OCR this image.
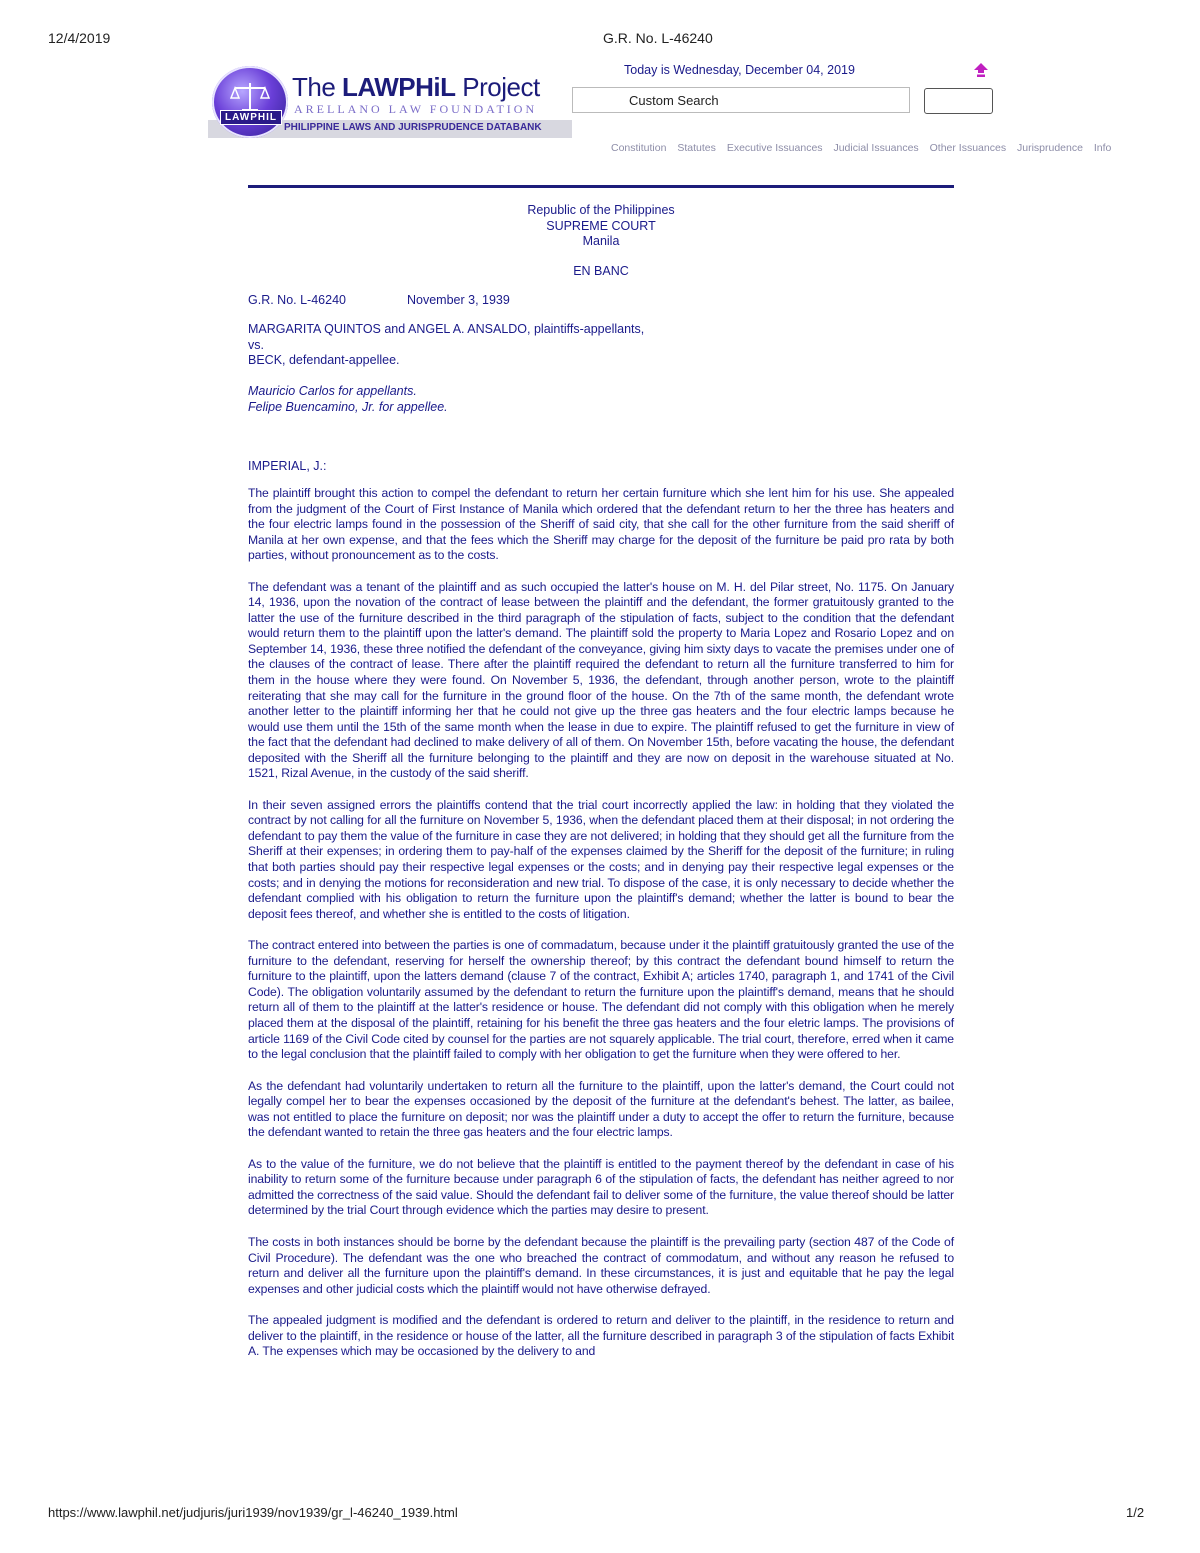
12/4/2019	G.R. No. L-46240
LAWPHIL
The LAWPHiL Project
ARELLANO LAW FOUNDATION
PHILIPPINE LAWS AND JURISPRUDENCE DATABANK
Today is Wednesday, December 04, 2019
Custom Search
Constitution Statutes Executive Issuances Judicial Issuances Other Issuances Jurisprudence Info
Republic of the Philippines
SUPREME COURT
Manila
EN BANC
G.R. No. L-46240	November 3, 1939
MARGARITA QUINTOS and ANGEL A. ANSALDO, plaintiffs-appellants,
vs.
BECK, defendant-appellee.
Mauricio Carlos for appellants.
Felipe Buencamino, Jr. for appellee.
IMPERIAL, J.:

The plaintiff brought this action to compel the defendant to return her certain furniture which she lent him for his use. She appealed from the judgment of the Court of First Instance of Manila which ordered that the defendant return to her the three has heaters and the four electric lamps found in the possession of the Sheriff of said city, that she call for the other furniture from the said sheriff of Manila at her own expense, and that the fees which the Sheriff may charge for the deposit of the furniture be paid pro rata by both parties, without pronouncement as to the costs.

The defendant was a tenant of the plaintiff and as such occupied the latter's house on M. H. del Pilar street, No. 1175. On January 14, 1936, upon the novation of the contract of lease between the plaintiff and the defendant, the former gratuitously granted to the latter the use of the furniture described in the third paragraph of the stipulation of facts, subject to the condition that the defendant would return them to the plaintiff upon the latter's demand. The plaintiff sold the property to Maria Lopez and Rosario Lopez and on September 14, 1936, these three notified the defendant of the conveyance, giving him sixty days to vacate the premises under one of the clauses of the contract of lease. There after the plaintiff required the defendant to return all the furniture transferred to him for them in the house where they were found. On November 5, 1936, the defendant, through another person, wrote to the plaintiff reiterating that she may call for the furniture in the ground floor of the house. On the 7th of the same month, the defendant wrote another letter to the plaintiff informing her that he could not give up the three gas heaters and the four electric lamps because he would use them until the 15th of the same month when the lease in due to expire. The plaintiff refused to get the furniture in view of the fact that the defendant had declined to make delivery of all of them. On November 15th, before vacating the house, the defendant deposited with the Sheriff all the furniture belonging to the plaintiff and they are now on deposit in the warehouse situated at No. 1521, Rizal Avenue, in the custody of the said sheriff.

In their seven assigned errors the plaintiffs contend that the trial court incorrectly applied the law: in holding that they violated the contract by not calling for all the furniture on November 5, 1936, when the defendant placed them at their disposal; in not ordering the defendant to pay them the value of the furniture in case they are not delivered; in holding that they should get all the furniture from the Sheriff at their expenses; in ordering them to pay-half of the expenses claimed by the Sheriff for the deposit of the furniture; in ruling that both parties should pay their respective legal expenses or the costs; and in denying pay their respective legal expenses or the costs; and in denying the motions for reconsideration and new trial. To dispose of the case, it is only necessary to decide whether the defendant complied with his obligation to return the furniture upon the plaintiff's demand; whether the latter is bound to bear the deposit fees thereof, and whether she is entitled to the costs of litigation.

The contract entered into between the parties is one of commadatum, because under it the plaintiff gratuitously granted the use of the furniture to the defendant, reserving for herself the ownership thereof; by this contract the defendant bound himself to return the furniture to the plaintiff, upon the latters demand (clause 7 of the contract, Exhibit A; articles 1740, paragraph 1, and 1741 of the Civil Code). The obligation voluntarily assumed by the defendant to return the furniture upon the plaintiff's demand, means that he should return all of them to the plaintiff at the latter's residence or house. The defendant did not comply with this obligation when he merely placed them at the disposal of the plaintiff, retaining for his benefit the three gas heaters and the four eletric lamps. The provisions of article 1169 of the Civil Code cited by counsel for the parties are not squarely applicable. The trial court, therefore, erred when it came to the legal conclusion that the plaintiff failed to comply with her obligation to get the furniture when they were offered to her.

As the defendant had voluntarily undertaken to return all the furniture to the plaintiff, upon the latter's demand, the Court could not legally compel her to bear the expenses occasioned by the deposit of the furniture at the defendant's behest. The latter, as bailee, was not entitled to place the furniture on deposit; nor was the plaintiff under a duty to accept the offer to return the furniture, because the defendant wanted to retain the three gas heaters and the four electric lamps.

As to the value of the furniture, we do not believe that the plaintiff is entitled to the payment thereof by the defendant in case of his inability to return some of the furniture because under paragraph 6 of the stipulation of facts, the defendant has neither agreed to nor admitted the correctness of the said value. Should the defendant fail to deliver some of the furniture, the value thereof should be latter determined by the trial Court through evidence which the parties may desire to present.

The costs in both instances should be borne by the defendant because the plaintiff is the prevailing party (section 487 of the Code of Civil Procedure). The defendant was the one who breached the contract of commodatum, and without any reason he refused to return and deliver all the furniture upon the plaintiff's demand. In these circumstances, it is just and equitable that he pay the legal expenses and other judicial costs which the plaintiff would not have otherwise defrayed.

The appealed judgment is modified and the defendant is ordered to return and deliver to the plaintiff, in the residence to return and deliver to the plaintiff, in the residence or house of the latter, all the furniture described in paragraph 3 of the stipulation of facts Exhibit A. The expenses which may be occasioned by the delivery to and

https://www.lawphil.net/judjuris/juri1939/nov1939/gr_l-46240_1939.html	1/2
